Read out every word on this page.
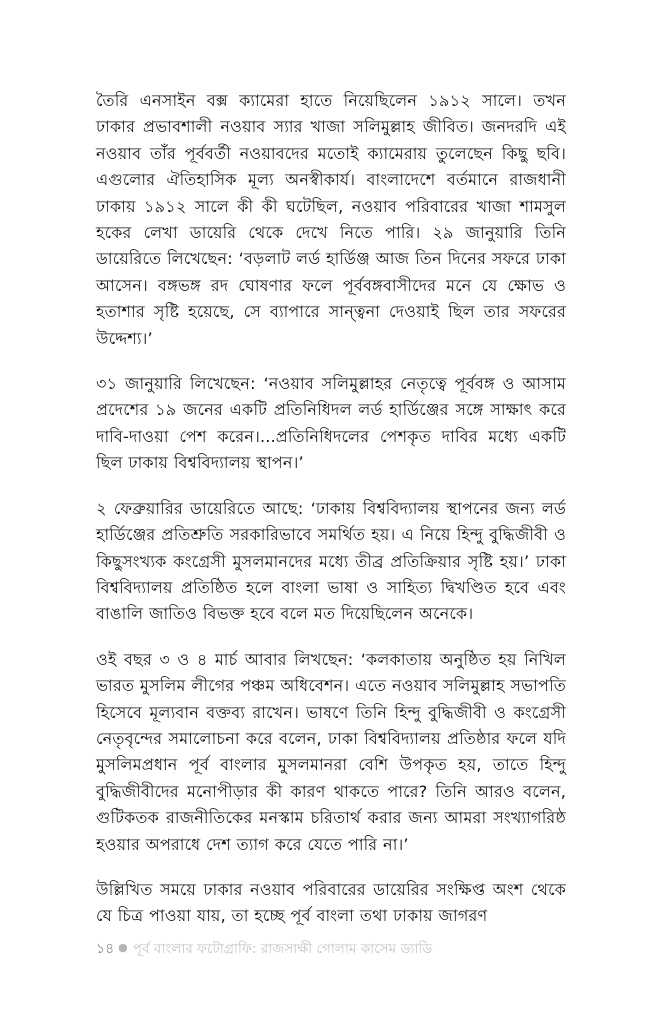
তৈরি এনসাইন বক্স ক্যামেরা হাতে নিয়েছিলেন ১৯১২ সালে। তখন ঢাকার প্রভাবশালী নওয়াব স্যার খাজা সলিমুল্লাহ জীবিত। জনদরদি এই নওয়াব তাঁর পূর্ববর্তী নওয়াবদের মতোই ক্যামেরায় তুলেছেন কিছু ছবি। এগুলোর ঐতিহাসিক মূল্য অনস্বীকার্য। বাংলাদেশে বর্তমানে রাজধানী ঢাকায় ১৯১২ সালে কী কী ঘটেছিল, নওয়াব পরিবারের খাজা শামসুল হকের লেখা ডায়েরি থেকে দেখে নিতে পারি। ২৯ জানুয়ারি তিনি ডায়েরিতে লিখেছেন: ‘বড়লাট লর্ড হার্ডিঞ্জ আজ তিন দিনের সফরে ঢাকা আসেন। বঙ্গভঙ্গ রদ ঘোষণার ফলে পূর্ববঙ্গবাসীদের মনে যে ক্ষোভ ও হতাশার সৃষ্টি হয়েছে, সে ব্যাপারে সান্ত্বনা দেওয়াই ছিল তার সফরের উদ্দেশ্য।’

৩১ জানুয়ারি লিখেছেন: ‘নওয়াব সলিমুল্লাহর নেতৃত্বে পূর্ববঙ্গ ও আসাম প্রদেশের ১৯ জনের একটি প্রতিনিধিদল লর্ড হার্ডিঞ্জের সঙ্গে সাক্ষাৎ করে দাবি-দাওয়া পেশ করেন।...প্রতিনিধিদলের পেশকৃত দাবির মধ্যে একটি ছিল ঢাকায় বিশ্ববিদ্যালয় স্থাপন।’

২ ফেব্রুয়ারির ডায়েরিতে আছে: ‘ঢাকায় বিশ্ববিদ্যালয় স্থাপনের জন্য লর্ড হার্ডিঞ্জের প্রতিশ্রুতি সরকারিভাবে সমর্থিত হয়। এ নিয়ে হিন্দু বুদ্ধিজীবী ও কিছুসংখ্যক কংগ্রেসী মুসলমানদের মধ্যে তীব্র প্রতিক্রিয়ার সৃষ্টি হয়।’ ঢাকা বিশ্ববিদ্যালয় প্রতিষ্ঠিত হলে বাংলা ভাষা ও সাহিত্য দ্বিখণ্ডিত হবে এবং বাঙালি জাতিও বিভক্ত হবে বলে মত দিয়েছিলেন অনেকে।

ওই বছর ৩ ও ৪ মার্চ আবার লিখছেন: ‘কলকাতায় অনুষ্ঠিত হয় নিখিল ভারত মুসলিম লীগের পঞ্চম অধিবেশন। এতে নওয়াব সলিমুল্লাহ সভাপতি হিসেবে মূল্যবান বক্তব্য রাখেন। ভাষণে তিনি হিন্দু বুদ্ধিজীবী ও কংগ্রেসী নেতৃবৃন্দের সমালোচনা করে বলেন, ঢাকা বিশ্ববিদ্যালয় প্রতিষ্ঠার ফলে যদি মুসলিমপ্রধান পূর্ব বাংলার মুসলমানরা বেশি উপকৃত হয়, তাতে হিন্দু বুদ্ধিজীবীদের মনোপীড়ার কী কারণ থাকতে পারে? তিনি আরও বলেন, গুটিকতক রাজনীতিকের মনস্কাম চরিতার্থ করার জন্য আমরা সংখ্যাগরিষ্ঠ হওয়ার অপরাধে দেশ ত্যাগ করে যেতে পারি না।’

উল্লিখিত সময়ে ঢাকার নওয়াব পরিবারের ডায়েরির সংক্ষিপ্ত অংশ থেকে যে চিত্র পাওয়া যায়, তা হচ্ছে পূর্ব বাংলা তথা ঢাকায় জাগরণ

১৪ ● পূর্ব বাংলার ফটোগ্রাফি: রাজসাক্ষী গোলাম কাসেম ড্যাডি
